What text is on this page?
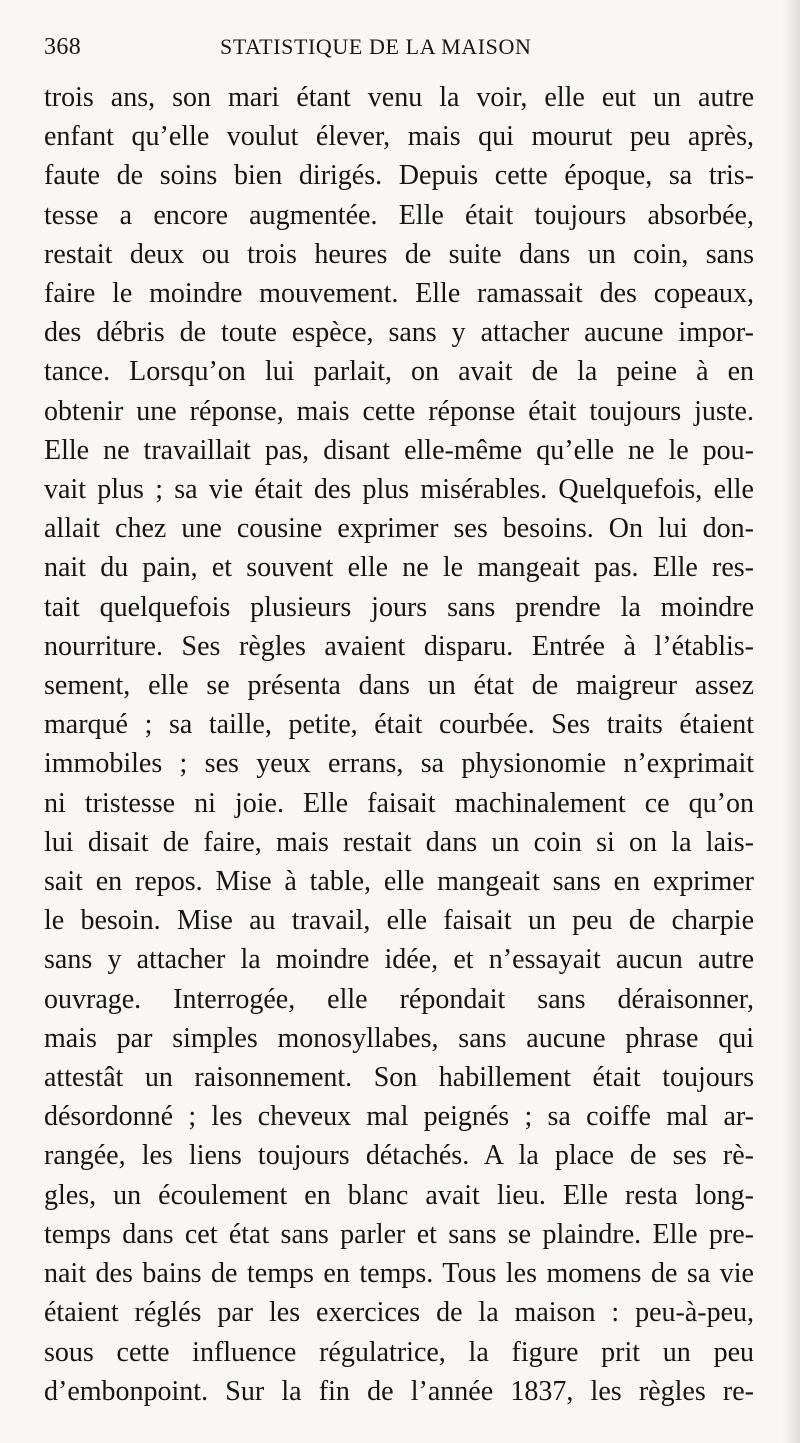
368	STATISTIQUE DE LA MAISON
trois ans, son mari étant venu la voir, elle eut un autre
enfant qu’elle voulut élever, mais qui mourut peu après,
faute de soins bien dirigés. Depuis cette époque, sa tris-
tesse a encore augmentée. Elle était toujours absorbée,
restait deux ou trois heures de suite dans un coin, sans
faire le moindre mouvement. Elle ramassait des copeaux,
des débris de toute espèce, sans y attacher aucune impor-
tance. Lorsqu’on lui parlait, on avait de la peine à en
obtenir une réponse, mais cette réponse était toujours juste.
Elle ne travaillait pas, disant elle-même qu’elle ne le pou-
vait plus ; sa vie était des plus misérables. Quelquefois, elle
allait chez une cousine exprimer ses besoins. On lui don-
nait du pain, et souvent elle ne le mangeait pas. Elle res-
tait quelquefois plusieurs jours sans prendre la moindre
nourriture. Ses règles avaient disparu. Entrée à l’établis-
sement, elle se présenta dans un état de maigreur assez
marqué ; sa taille, petite, était courbée. Ses traits étaient
immobiles ; ses yeux errans, sa physionomie n’exprimait
ni tristesse ni joie. Elle faisait machinalement ce qu’on
lui disait de faire, mais restait dans un coin si on la lais-
sait en repos. Mise à table, elle mangeait sans en exprimer
le besoin. Mise au travail, elle faisait un peu de charpie
sans y attacher la moindre idée, et n’essayait aucun autre
ouvrage. Interrogée, elle répondait sans déraisonner,
mais par simples monosyllabes, sans aucune phrase qui
attestât un raisonnement. Son habillement était toujours
désordonné ; les cheveux mal peignés ; sa coiffe mal ar-
rangée, les liens toujours détachés. A la place de ses rè-
gles, un écoulement en blanc avait lieu. Elle resta long-
temps dans cet état sans parler et sans se plaindre. Elle pre-
nait des bains de temps en temps. Tous les momens de sa vie
étaient réglés par les exercices de la maison : peu-à-peu,
sous cette influence régulatrice, la figure prit un peu
d’embonpoint. Sur la fin de l’année 1837, les règles re-
